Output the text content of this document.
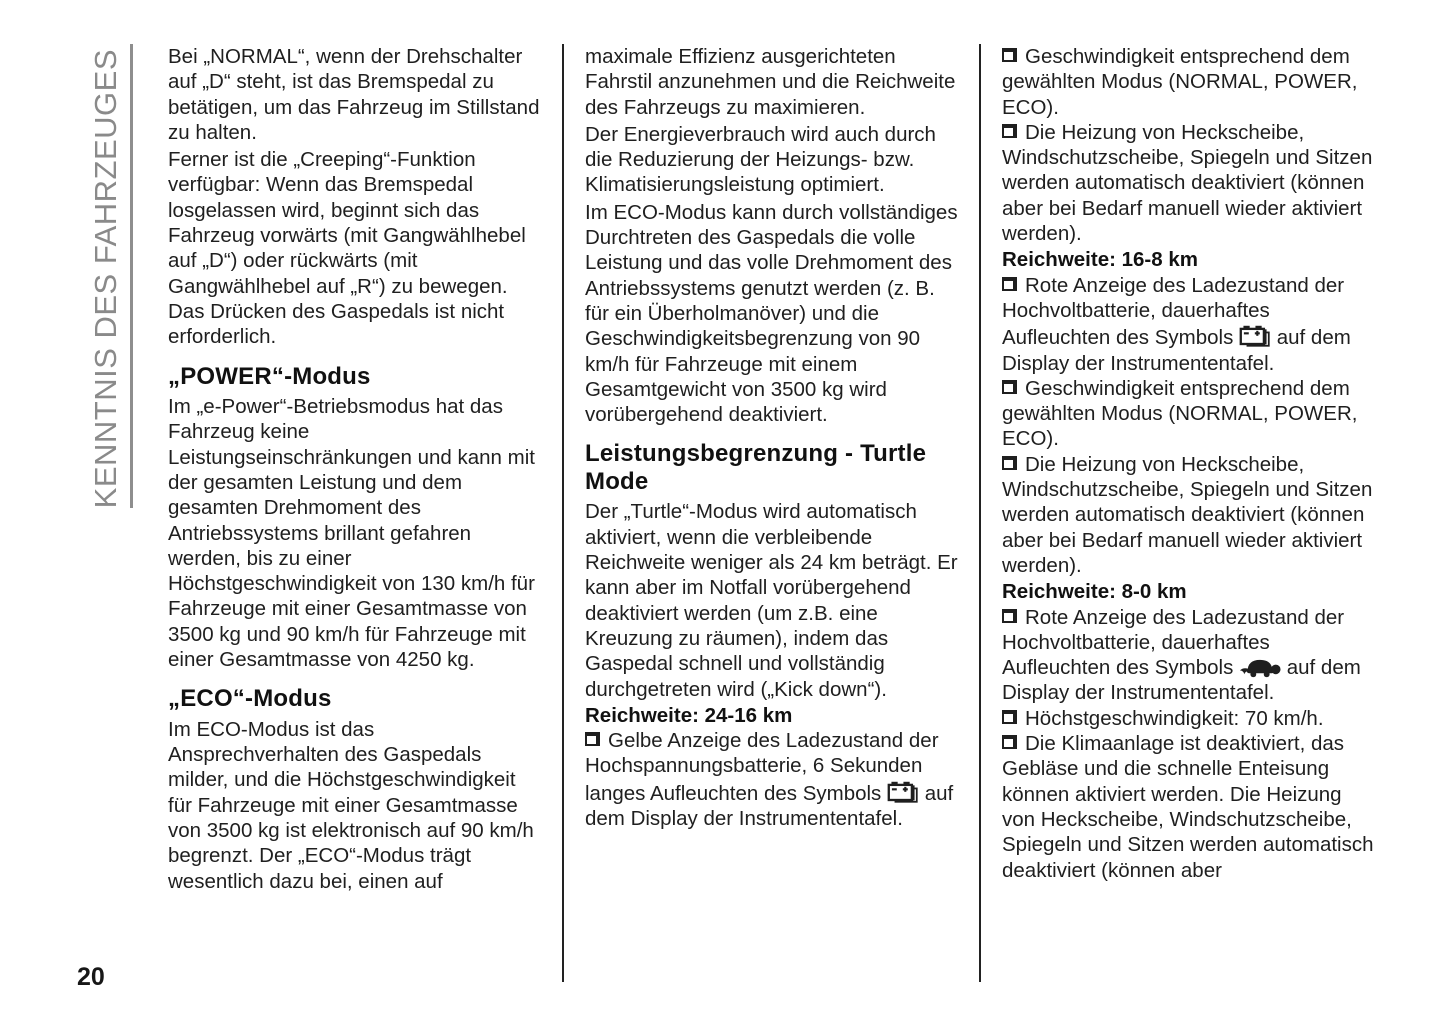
KENNTNIS DES FAHRZEUGES
20
Bei „NORMAL“, wenn der Drehschalter auf „D“ steht, ist das Bremspedal zu betätigen, um das Fahrzeug im Stillstand zu halten.
Ferner ist die „Creeping“-Funktion verfügbar: Wenn das Bremspedal losgelassen wird, beginnt sich das Fahrzeug vorwärts (mit Gangwählhebel auf „D“) oder rückwärts (mit Gangwählhebel auf „R“) zu bewegen. Das Drücken des Gaspedals ist nicht erforderlich.
„POWER“-Modus
Im „e-Power“-Betriebsmodus hat das Fahrzeug keine Leistungseinschränkungen und kann mit der gesamten Leistung und dem gesamten Drehmoment des Antriebssystems brillant gefahren werden, bis zu einer Höchstgeschwindigkeit von 130 km/h für Fahrzeuge mit einer Gesamtmasse von 3500 kg und 90 km/h für Fahrzeuge mit einer Gesamtmasse von 4250 kg.
„ECO“-Modus
Im ECO-Modus ist das Ansprechverhalten des Gaspedals milder, und die Höchstgeschwindigkeit für Fahrzeuge mit einer Gesamtmasse von 3500 kg ist elektronisch auf 90 km/h begrenzt. Der „ECO“-Modus trägt wesentlich dazu bei, einen auf
maximale Effizienz ausgerichteten Fahrstil anzunehmen und die Reichweite des Fahrzeugs zu maximieren.
Der Energieverbrauch wird auch durch die Reduzierung der Heizungs- bzw. Klimatisierungsleistung optimiert.
Im ECO-Modus kann durch vollständiges Durchtreten des Gaspedals die volle Leistung und das volle Drehmoment des Antriebssystems genutzt werden (z. B. für ein Überholmanöver) und die Geschwindigkeitsbegrenzung von 90 km/h für Fahrzeuge mit einem Gesamtgewicht von 3500 kg wird vorübergehend deaktiviert.
Leistungsbegrenzung - Turtle Mode
Der „Turtle“-Modus wird automatisch aktiviert, wenn die verbleibende Reichweite weniger als 24 km beträgt. Er kann aber im Notfall vorübergehend deaktiviert werden (um z.B. eine Kreuzung zu räumen), indem das Gaspedal schnell und vollständig durchgetreten wird („Kick down“).
Reichweite: 24-16 km
Gelbe Anzeige des Ladezustand der Hochspannungsbatterie, 6 Sekunden langes Aufleuchten des Symbols  auf dem Display der Instrumententafel.
Geschwindigkeit entsprechend dem gewählten Modus (NORMAL, POWER, ECO).
Die Heizung von Heckscheibe, Windschutzscheibe, Spiegeln und Sitzen werden automatisch deaktiviert (können aber bei Bedarf manuell wieder aktiviert werden).
Reichweite: 16-8 km
Rote Anzeige des Ladezustand der Hochvoltbatterie, dauerhaftes Aufleuchten des Symbols  auf dem Display der Instrumententafel.
Geschwindigkeit entsprechend dem gewählten Modus (NORMAL, POWER, ECO).
Die Heizung von Heckscheibe, Windschutzscheibe, Spiegeln und Sitzen werden automatisch deaktiviert (können aber bei Bedarf manuell wieder aktiviert werden).
Reichweite: 8-0 km
Rote Anzeige des Ladezustand der Hochvoltbatterie, dauerhaftes Aufleuchten des Symbols  auf dem Display der Instrumententafel.
Höchstgeschwindigkeit: 70 km/h.
Die Klimaanlage ist deaktiviert, das Gebläse und die schnelle Enteisung können aktiviert werden. Die Heizung von Heckscheibe, Windschutzscheibe, Spiegeln und Sitzen werden automatisch deaktiviert (können aber
